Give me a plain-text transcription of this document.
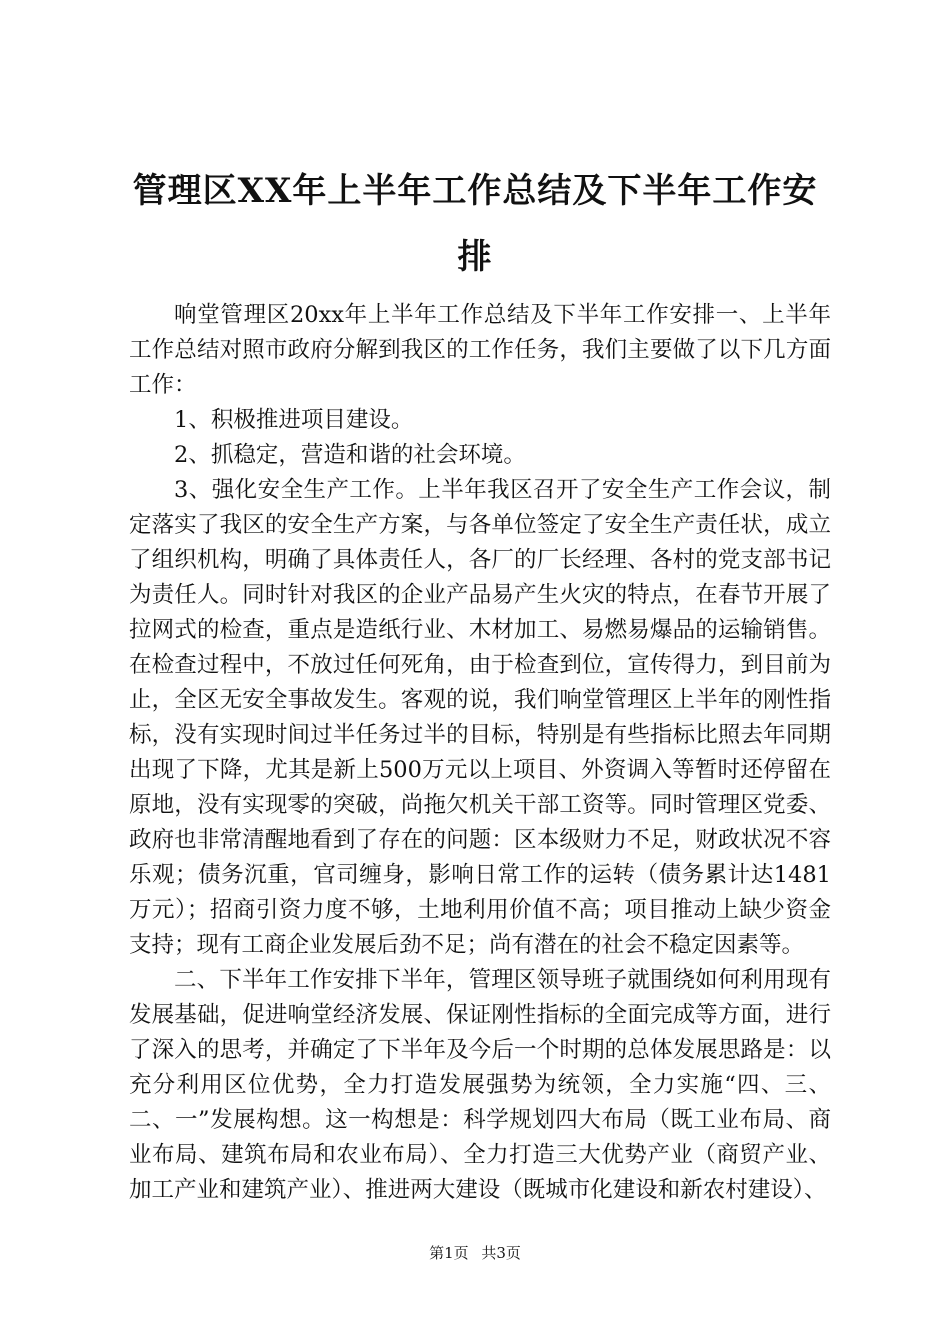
管理区XX年上半年工作总结及下半年工作安排

响堂管理区20xx年上半年工作总结及下半年工作安排一、上半年工作总结对照市政府分解到我区的工作任务，我们主要做了以下几方面工作：

1、积极推进项目建设。

2、抓稳定，营造和谐的社会环境。

3、强化安全生产工作。上半年我区召开了安全生产工作会议，制定落实了我区的安全生产方案，与各单位签定了安全生产责任状，成立了组织机构，明确了具体责任人，各厂的厂长经理、各村的党支部书记为责任人。同时针对我区的企业产品易产生火灾的特点，在春节开展了拉网式的检查，重点是造纸行业、木材加工、易燃易爆品的运输销售。在检查过程中，不放过任何死角，由于检查到位，宣传得力，到目前为止，全区无安全事故发生。客观的说，我们响堂管理区上半年的刚性指标，没有实现时间过半任务过半的目标，特别是有些指标比照去年同期出现了下降，尤其是新上500万元以上项目、外资调入等暂时还停留在原地，没有实现零的突破，尚拖欠机关干部工资等。同时管理区党委、政府也非常清醒地看到了存在的问题：区本级财力不足，财政状况不容乐观；债务沉重，官司缠身，影响日常工作的运转（债务累计达1481万元）；招商引资力度不够，土地利用价值不高；项目推动上缺少资金支持；现有工商企业发展后劲不足；尚有潜在的社会不稳定因素等。

二、下半年工作安排下半年，管理区领导班子就围绕如何利用现有发展基础，促进响堂经济发展、保证刚性指标的全面完成等方面，进行了深入的思考，并确定了下半年及今后一个时期的总体发展思路是：以充分利用区位优势，全力打造发展强势为统领，全力实施“四、三、二、一”发展构想。这一构想是：科学规划四大布局（既工业布局、商业布局、建筑布局和农业布局）、全力打造三大优势产业（商贸产业、加工产业和建筑产业）、推进两大建设（既城市化建设和新农村建设）、

第1页 共3页
